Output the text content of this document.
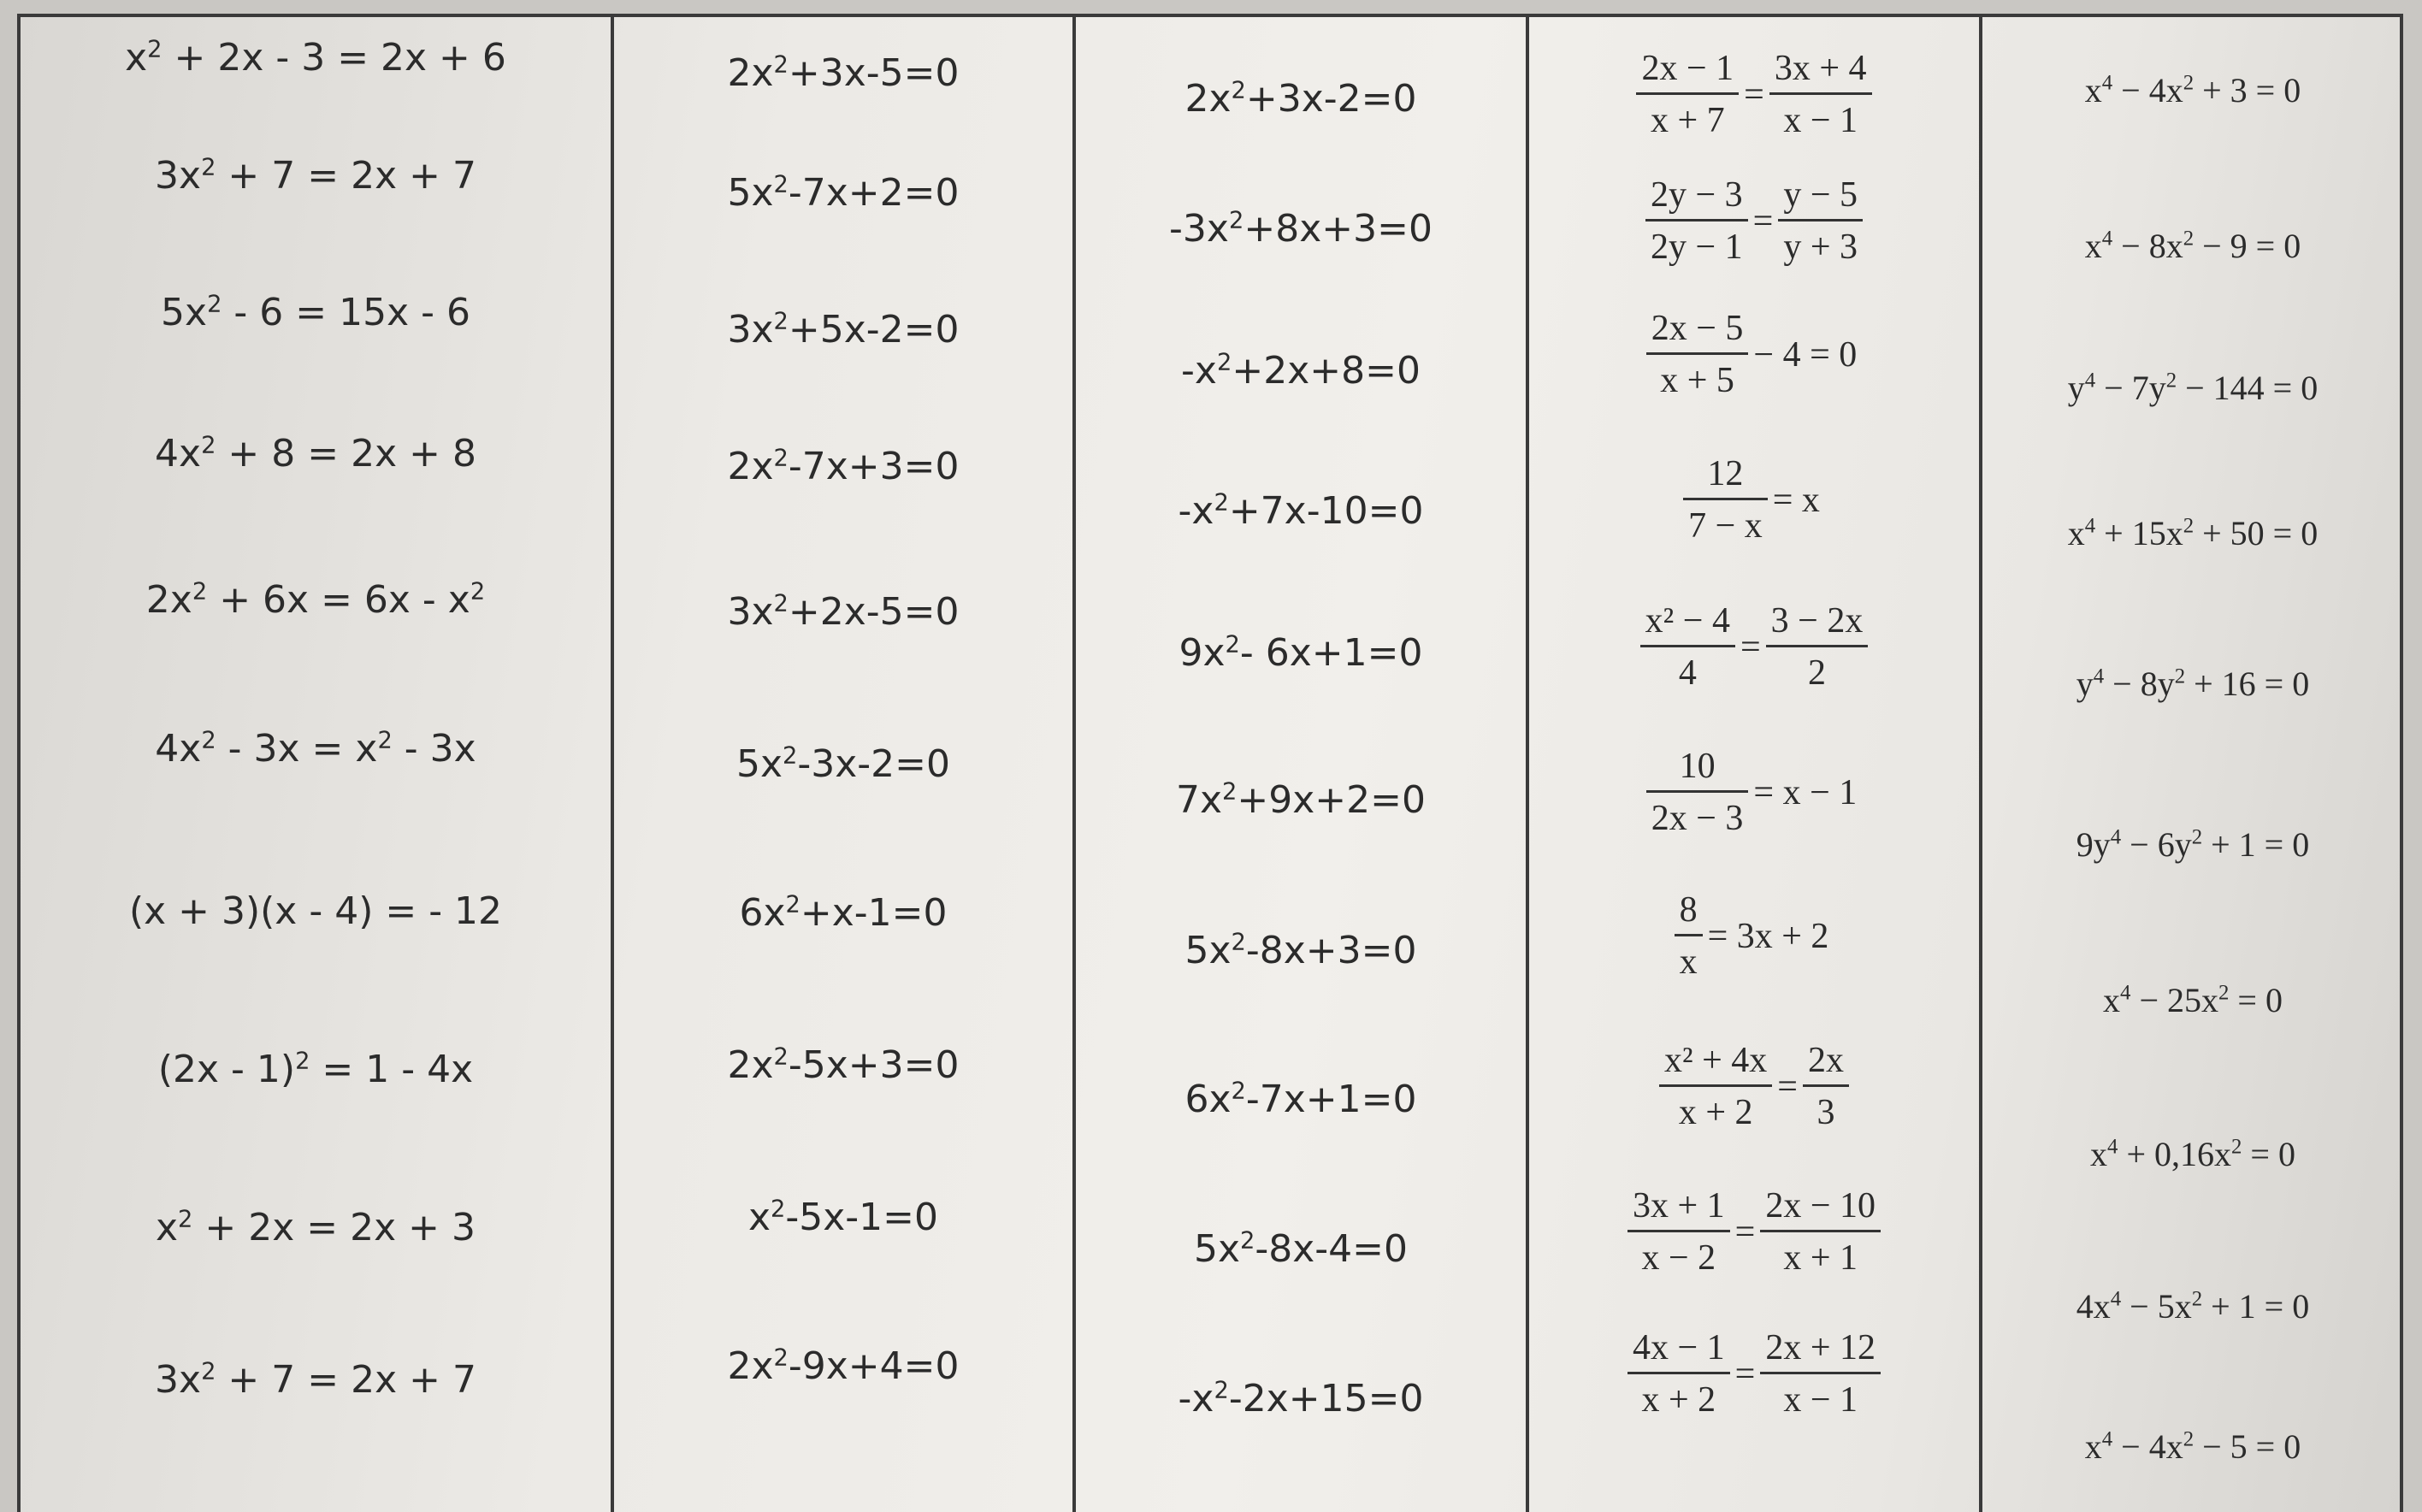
$x^2 + 2x - 3 = 2x + 6$
$3x^2 + 7 = 2x + 7$
$5x^2 - 6 = 15x - 6$
$4x^2 + 8 = 2x + 8$
$2x^2 + 6x = 6x - x^2$
$4x^2 - 3x = x^2 - 3x$
(x + 3)(x - 4) = - 12
(2x - 1)$^2$ = 1 - 4x
$x^2 + 2x = 2x + 3$
$3x^2 + 7 = 2x + 7$
$2x^2+3x-5=0$
$5x^2-7x+2=0$
$3x^2+5x-2=0$
$2x^2-7x+3=0$
$3x^2+2x-5=0$
$5x^2-3x-2=0$
$6x^2+x-1=0$
$2x^2-5x+3=0$
$x^2-5x-1=0$
$2x^2-9x+4=0$
$2x^2+3x-2=0$
$-3x^2+8x+3=0$
$-x^2+2x+8=0$
$-x^2+7x-10=0$
$9x^2-$ 6x+1=0
$7x^2+9x+2=0$
$5x^2-8x+3=0$
$6x^2-7x+1=0$
$5x^2-8x-4=0$
$-x^2-2x+15=0$
$\frac{2x - 1}{x + 7} = \frac{3x + 4}{x - 1}$
$\frac{2y - 3}{2y - 1} = \frac{y - 5}{y + 3}$
$\frac{2x - 5}{x + 5} - 4 = 0$
$\frac{12}{7 - x} = x$
$\frac{\text{x² − 4}}{4} = \frac{3 - 2x}{2}$
$\frac{10}{2x - 3} = x - 1$
$\frac{8}{x} = 3x + 2$
$\frac{\text{x² + 4x}}{x + 2} = \frac{2x}{3}$
$\frac{3x + 1}{x - 2} = \frac{2x - 10}{x + 1}$
$\frac{4x - 1}{x + 2} = \frac{2x + 12}{x - 1}$
$x^4 - 4x^2 + 3 = 0$
$x^4 - 8x^2 - 9 = 0$
$y^4 - 7y^2 - 144 = 0$
$x^4 + 15x^2 + 50 = 0$
$y^4 - 8y^2 + 16 = 0$
$9y^4 - 6y^2 + 1 = 0$
$x^4 - 25x^2 = 0$
$x^4 + 0,16x^2 = 0$
$4x^4 - 5x^2 + 1 = 0$
$x^4 - 4x^2 - 5 = 0$
